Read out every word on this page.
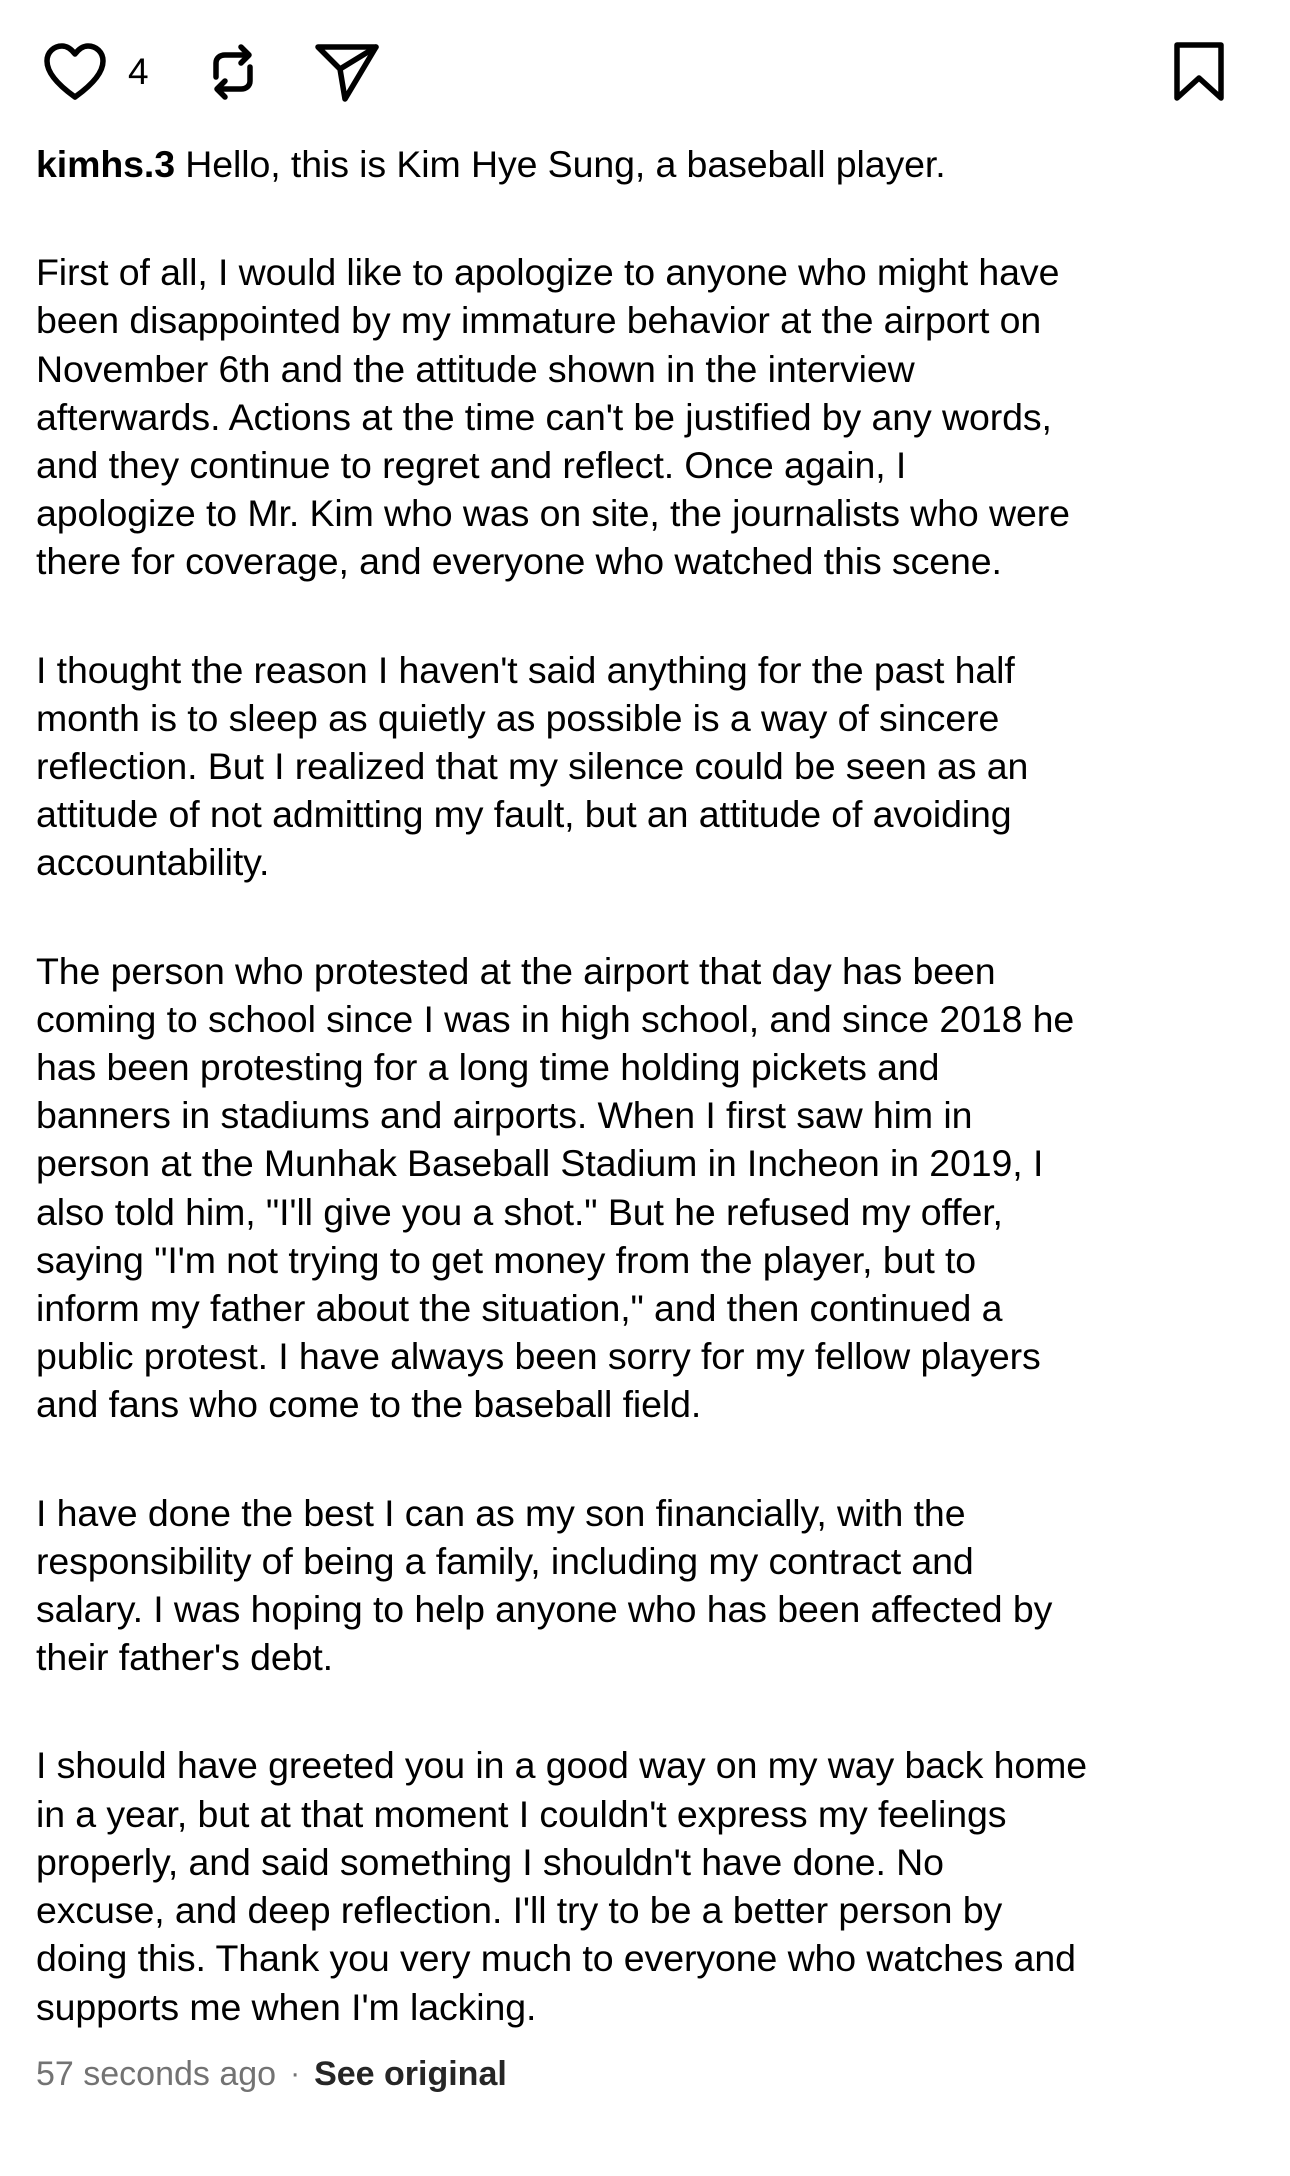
4

kimhs.3 Hello, this is Kim Hye Sung, a baseball player.

First of all, I would like to apologize to anyone who might have
been disappointed by my immature behavior at the airport on
November 6th and the attitude shown in the interview
afterwards. Actions at the time can't be justified by any words,
and they continue to regret and reflect. Once again, I
apologize to Mr. Kim who was on site, the journalists who were
there for coverage, and everyone who watched this scene.

I thought the reason I haven't said anything for the past half
month is to sleep as quietly as possible is a way of sincere
reflection. But I realized that my silence could be seen as an
attitude of not admitting my fault, but an attitude of avoiding
accountability.

The person who protested at the airport that day has been
coming to school since I was in high school, and since 2018 he
has been protesting for a long time holding pickets and
banners in stadiums and airports. When I first saw him in
person at the Munhak Baseball Stadium in Incheon in 2019, I
also told him, "I'll give you a shot." But he refused my offer,
saying "I'm not trying to get money from the player, but to
inform my father about the situation," and then continued a
public protest. I have always been sorry for my fellow players
and fans who come to the baseball field.

I have done the best I can as my son financially, with the
responsibility of being a family, including my contract and
salary. I was hoping to help anyone who has been affected by
their father's debt.

I should have greeted you in a good way on my way back home
in a year, but at that moment I couldn't express my feelings
properly, and said something I shouldn't have done. No
excuse, and deep reflection. I'll try to be a better person by
doing this. Thank you very much to everyone who watches and
supports me when I'm lacking.

57 seconds ago · See original
